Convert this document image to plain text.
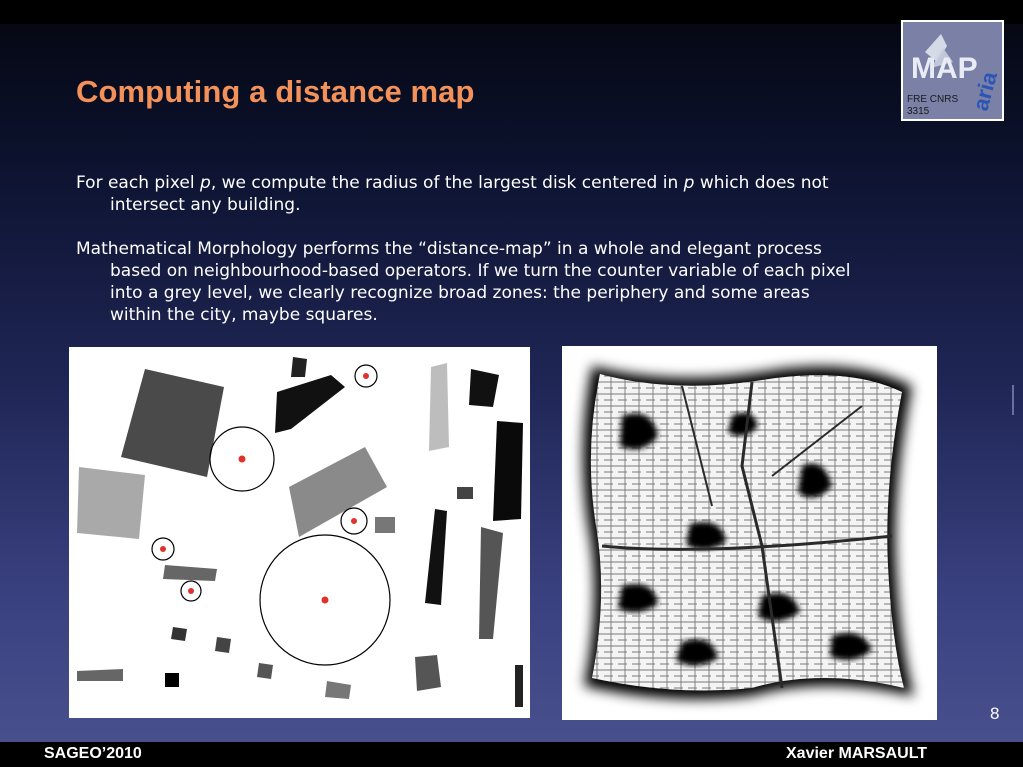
Computing a distance map
MAP
aria
FRE CNRS
3315
For each pixel p, we compute the radius of the largest disk centered in p which does not
intersect any building.
Mathematical Morphology performs the “distance-map” in a whole and elegant process
based on neighbourhood-based operators. If we turn the counter variable of each pixel
into a grey level, we clearly recognize broad zones: the periphery and some areas
within the city, maybe squares.
8
SAGEO’2010	Xavier MARSAULT
